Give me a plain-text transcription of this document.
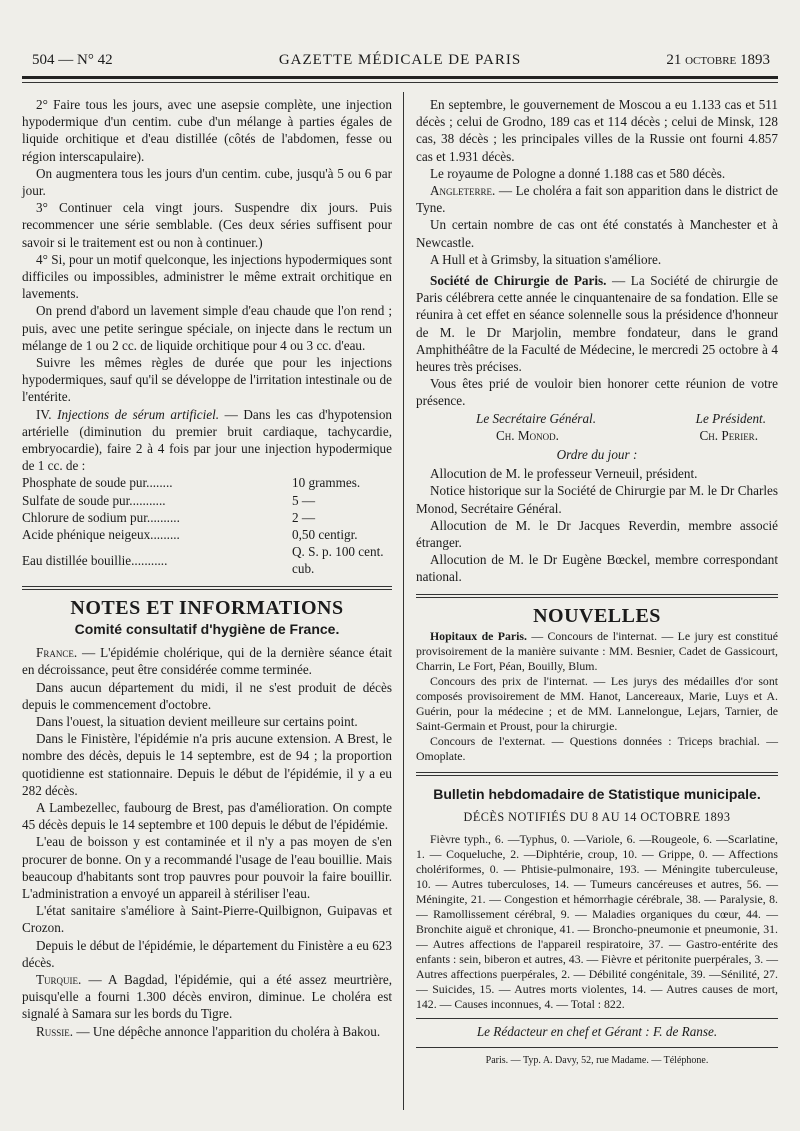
504 — N° 42	GAZETTE MÉDICALE DE PARIS	21 octobre 1893

2° Faire tous les jours, avec une asepsie complète, une injection hypodermique d'un centim. cube d'un mélange à parties égales de liquide orchitique et d'eau distillée (côtés de l'abdomen, fesse ou région interscapulaire).

On augmentera tous les jours d'un centim. cube, jusqu'à 5 ou 6 par jour.

3° Continuer cela vingt jours. Suspendre dix jours. Puis recommencer une série semblable. (Ces deux séries suffisent pour savoir si le traitement est ou non à continuer.)

4° Si, pour un motif quelconque, les injections hypodermiques sont difficiles ou impossibles, administrer le même extrait orchitique en lavements.

On prend d'abord un lavement simple d'eau chaude que l'on rend ; puis, avec une petite seringue spéciale, on injecte dans le rectum un mélange de 1 ou 2 cc. de liquide orchitique pour 4 ou 3 cc. d'eau.

Suivre les mêmes règles de durée que pour les injections hypodermiques, sauf qu'il se développe de l'irritation intestinale ou de l'entérite.

IV. Injections de sérum artificiel. — Dans les cas d'hypotension artérielle (diminution du premier bruit cardiaque, tachycardie, embryocardie), faire 2 à 4 fois par jour une injection hypodermique de 1 cc. de :

Phosphate de soude pur........	10 grammes.
Sulfate de soude pur...........	5 —
Chlorure de sodium pur..........	2 —
Acide phénique neigeux.........	0,50 centigr.
Eau distillée bouillie...........	Q. S. p. 100 cent. cub.
NOTES ET INFORMATIONS
Comité consultatif d'hygiène de France.

France. — L'épidémie cholérique, qui de la dernière séance était en décroissance, peut être considérée comme terminée.

Dans aucun département du midi, il ne s'est produit de décès depuis le commencement d'octobre.

Dans l'ouest, la situation devient meilleure sur certains point.

Dans le Finistère, l'épidémie n'a pris aucune extension. A Brest, le nombre des décès, depuis le 14 septembre, est de 94 ; la proportion quotidienne est stationnaire. Depuis le début de l'épidémie, il y a eu 282 décès.

A Lambezellec, faubourg de Brest, pas d'amélioration. On compte 45 décès depuis le 14 septembre et 100 depuis le début de l'épidémie.

L'eau de boisson y est contaminée et il n'y a pas moyen de s'en procurer de bonne. On y a recommandé l'usage de l'eau bouillie. Mais beaucoup d'habitants sont trop pauvres pour pouvoir la faire bouillir. L'administration a envoyé un appareil à stériliser l'eau.

L'état sanitaire s'améliore à Saint-Pierre-Quilbignon, Guipavas et Crozon.

Depuis le début de l'épidémie, le département du Finistère a eu 623 décès.

Turquie. — A Bagdad, l'épidémie, qui a été assez meurtrière, puisqu'elle a fourni 1.300 décès environ, diminue. Le choléra est signalé à Samara sur les bords du Tigre.

Russie. — Une dépêche annonce l'apparition du choléra à Bakou.

En septembre, le gouvernement de Moscou a eu 1.133 cas et 511 décès ; celui de Grodno, 189 cas et 114 décès ; celui de Minsk, 128 cas, 38 décès ; les principales villes de la Russie ont fourni 4.857 cas et 1.931 décès.

Le royaume de Pologne a donné 1.188 cas et 580 décès.

Angleterre. — Le choléra a fait son apparition dans le district de Tyne.

Un certain nombre de cas ont été constatés à Manchester et à Newcastle.

A Hull et à Grimsby, la situation s'améliore.

Société de Chirurgie de Paris. — La Société de chirurgie de Paris célébrera cette année le cinquantenaire de sa fondation. Elle se réunira à cet effet en séance solennelle sous la présidence d'honneur de M. le Dr Marjolin, membre fondateur, dans le grand Amphithéâtre de la Faculté de Médecine, le mercredi 25 octobre à 4 heures très précises.

Vous êtes prié de vouloir bien honorer cette réunion de votre présence.

Le Secrétaire Général.	Le Président.
Ch. Monod.	Ch. Perier.
Ordre du jour :

Allocution de M. le professeur Verneuil, président.

Notice historique sur la Société de Chirurgie par M. le Dr Charles Monod, Secrétaire Général.

Allocution de M. le Dr Jacques Reverdin, membre associé étranger.

Allocution de M. le Dr Eugène Bœckel, membre correspondant national.

NOUVELLES

Hopitaux de Paris. — Concours de l'internat. — Le jury est constitué provisoirement de la manière suivante : MM. Besnier, Cadet de Gassicourt, Charrin, Le Fort, Péan, Bouilly, Blum.

Concours des prix de l'internat. — Les jurys des médailles d'or sont composés provisoirement de MM. Hanot, Lancereaux, Marie, Luys et A. Guérin, pour la médecine ; et de MM. Lannelongue, Lejars, Tarnier, de Saint-Germain et Proust, pour la chirurgie.

Concours de l'externat. — Questions données : Triceps brachial. — Omoplate.

Bulletin hebdomadaire de Statistique municipale.
DÉCÈS NOTIFIÉS DU 8 AU 14 OCTOBRE 1893

Fièvre typh., 6. —Typhus, 0. —Variole, 6. —Rougeole, 6. —Scarlatine, 1. — Coqueluche, 2. —Diphtérie, croup, 10. — Grippe, 0. — Affections cholériformes, 0. — Phtisie-pulmonaire, 193. — Méningite tuberculeuse, 10. — Autres tuberculoses, 14. — Tumeurs cancéreuses et autres, 56. —Méningite, 21. — Congestion et hémorrhagie cérébrale, 38. — Paralysie, 8. — Ramollissement cérébral, 9. — Maladies organiques du cœur, 44. — Bronchite aiguë et chronique, 41. — Broncho-pneumonie et pneumonie, 31. — Autres affections de l'appareil respiratoire, 37. — Gastro-entérite des enfants : sein, biberon et autres, 43. — Fièvre et péritonite puerpérales, 3. — Autres affections puerpérales, 2. — Débilité congénitale, 39. —Sénilité, 27. — Suicides, 15. — Autres morts violentes, 14. — Autres causes de mort, 142. — Causes inconnues, 4. — Total : 822.

Le Rédacteur en chef et Gérant : F. de Ranse.
Paris. — Typ. A. Davy, 52, rue Madame. — Téléphone.
